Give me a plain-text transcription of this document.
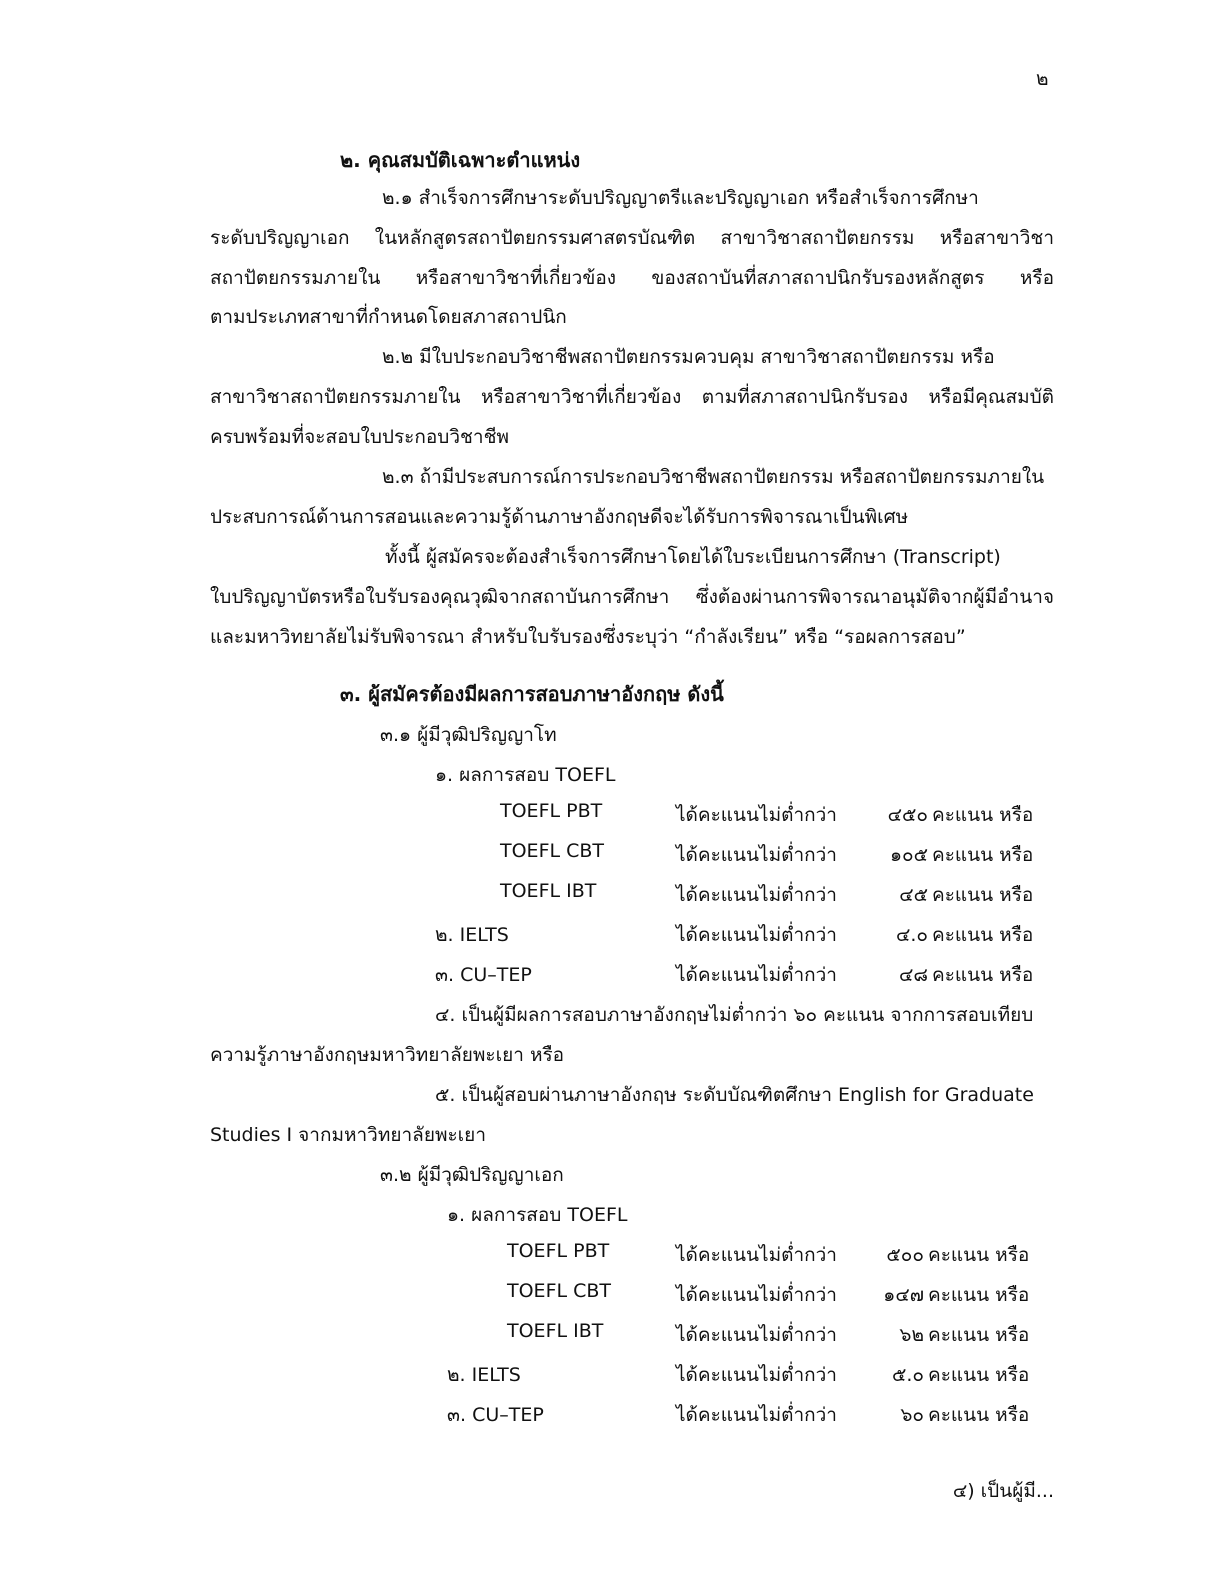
๒
๒. คุณสมบัติเฉพาะตำแหน่ง
๒.๑ สำเร็จการศึกษาระดับปริญญาตรีและปริญญาเอก หรือสำเร็จการศึกษา
ระดับปริญญาเอก ในหลักสูตรสถาปัตยกรรมศาสตรบัณฑิต สาขาวิชาสถาปัตยกรรม หรือสาขาวิชา
สถาปัตยกรรมภายใน หรือสาขาวิชาที่เกี่ยวข้อง ของสถาบันที่สภาสถาปนิกรับรองหลักสูตร หรือ
ตามประเภทสาขาที่กำหนดโดยสภาสถาปนิก
๒.๒ มีใบประกอบวิชาชีพสถาปัตยกรรมควบคุม สาขาวิชาสถาปัตยกรรม หรือ
สาขาวิชาสถาปัตยกรรมภายใน หรือสาขาวิชาที่เกี่ยวข้อง ตามที่สภาสถาปนิกรับรอง หรือมีคุณสมบัติ
ครบพร้อมที่จะสอบใบประกอบวิชาชีพ
๒.๓ ถ้ามีประสบการณ์การประกอบวิชาชีพสถาปัตยกรรม หรือสถาปัตยกรรมภายใน
ประสบการณ์ด้านการสอนและความรู้ด้านภาษาอังกฤษดีจะได้รับการพิจารณาเป็นพิเศษ
ทั้งนี้ ผู้สมัครจะต้องสำเร็จการศึกษาโดยได้ใบระเบียนการศึกษา (Transcript)
ใบปริญญาบัตรหรือใบรับรองคุณวุฒิจากสถาบันการศึกษา ซึ่งต้องผ่านการพิจารณาอนุมัติจากผู้มีอำนาจ
และมหาวิทยาลัยไม่รับพิจารณา สำหรับใบรับรองซึ่งระบุว่า “กำลังเรียน” หรือ “รอผลการสอบ”
๓. ผู้สมัครต้องมีผลการสอบภาษาอังกฤษ ดังนี้
๓.๑ ผู้มีวุฒิปริญญาโท
๑. ผลการสอบ TOEFL
TOEFL PBT	ได้คะแนนไม่ต่ำกว่า	๔๕๐ คะแนน หรือ
TOEFL CBT	ได้คะแนนไม่ต่ำกว่า	๑๐๕ คะแนน หรือ
TOEFL IBT	ได้คะแนนไม่ต่ำกว่า	๔๕ คะแนน หรือ
๒. IELTS	ได้คะแนนไม่ต่ำกว่า	๔.๐ คะแนน หรือ
๓. CU–TEP	ได้คะแนนไม่ต่ำกว่า	๔๘ คะแนน หรือ
๔. เป็นผู้มีผลการสอบภาษาอังกฤษไม่ต่ำกว่า ๖๐ คะแนน จากการสอบเทียบ
ความรู้ภาษาอังกฤษมหาวิทยาลัยพะเยา หรือ
๕. เป็นผู้สอบผ่านภาษาอังกฤษ ระดับบัณฑิตศึกษา English for Graduate
Studies I จากมหาวิทยาลัยพะเยา
๓.๒ ผู้มีวุฒิปริญญาเอก
๑. ผลการสอบ TOEFL
TOEFL PBT	ได้คะแนนไม่ต่ำกว่า	๕๐๐ คะแนน หรือ
TOEFL CBT	ได้คะแนนไม่ต่ำกว่า	๑๔๗ คะแนน หรือ
TOEFL IBT	ได้คะแนนไม่ต่ำกว่า	๖๒ คะแนน หรือ
๒. IELTS	ได้คะแนนไม่ต่ำกว่า	๕.๐ คะแนน หรือ
๓. CU–TEP	ได้คะแนนไม่ต่ำกว่า	๖๐ คะแนน หรือ
๔) เป็นผู้มี...
